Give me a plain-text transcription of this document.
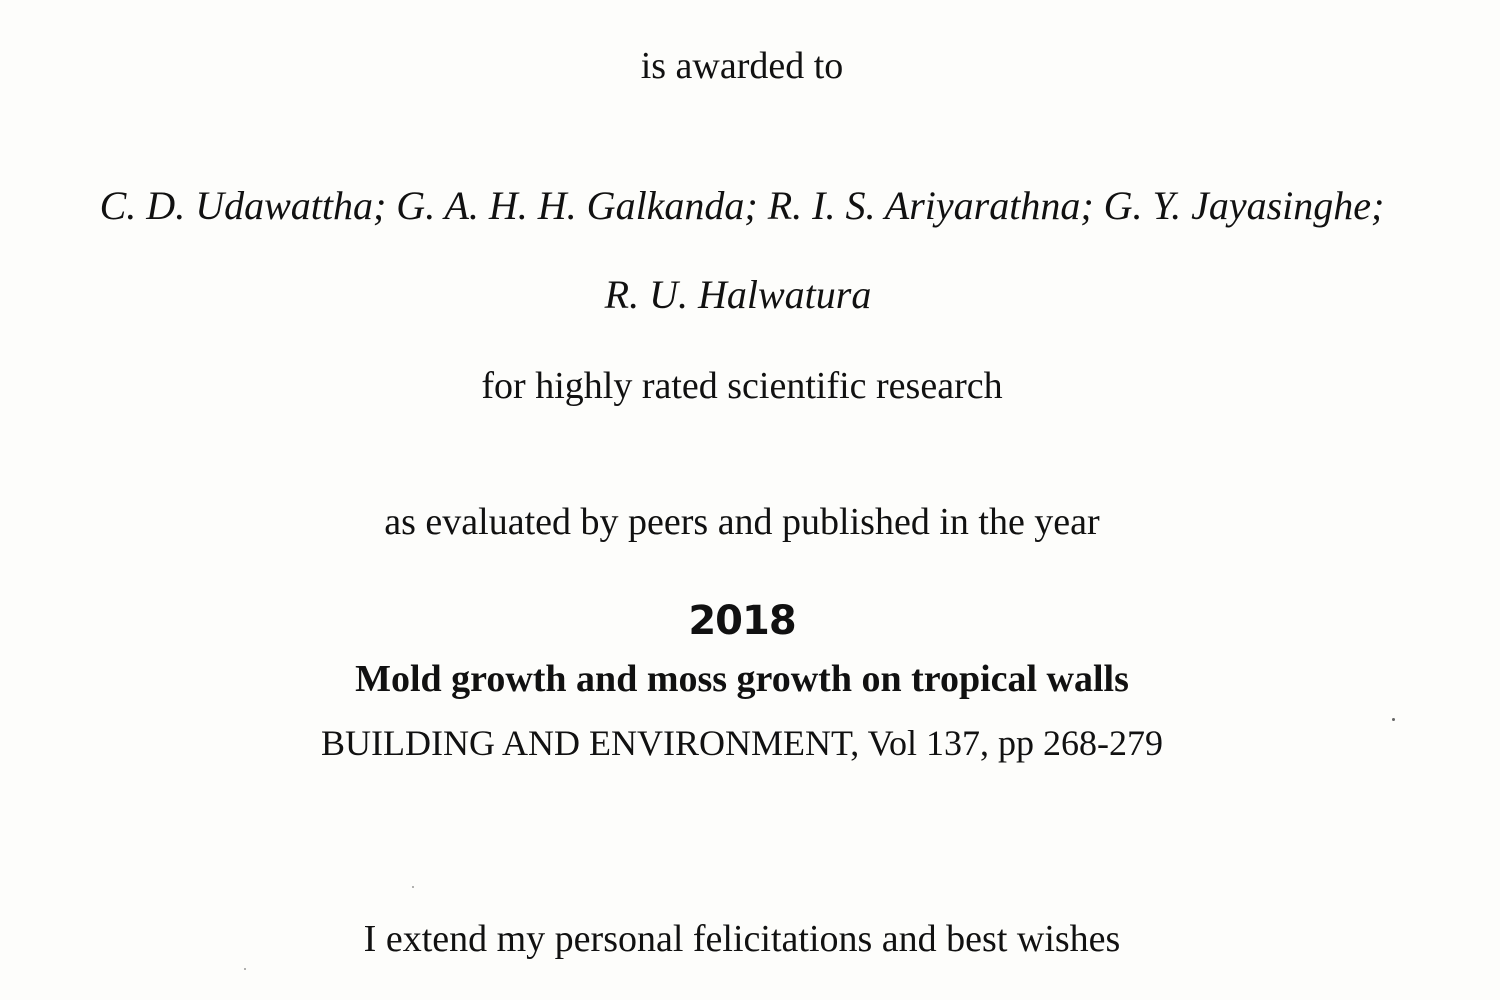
is awarded to
C. D. Udawattha; G. A. H. H. Galkanda; R. I. S. Ariyarathna; G. Y. Jayasinghe;
R. U. Halwatura
for highly rated scientific research
as evaluated by peers and published in the year
2018
Mold growth and moss growth on tropical walls
BUILDING AND ENVIRONMENT, Vol 137, pp 268-279
I extend my personal felicitations and best wishes
